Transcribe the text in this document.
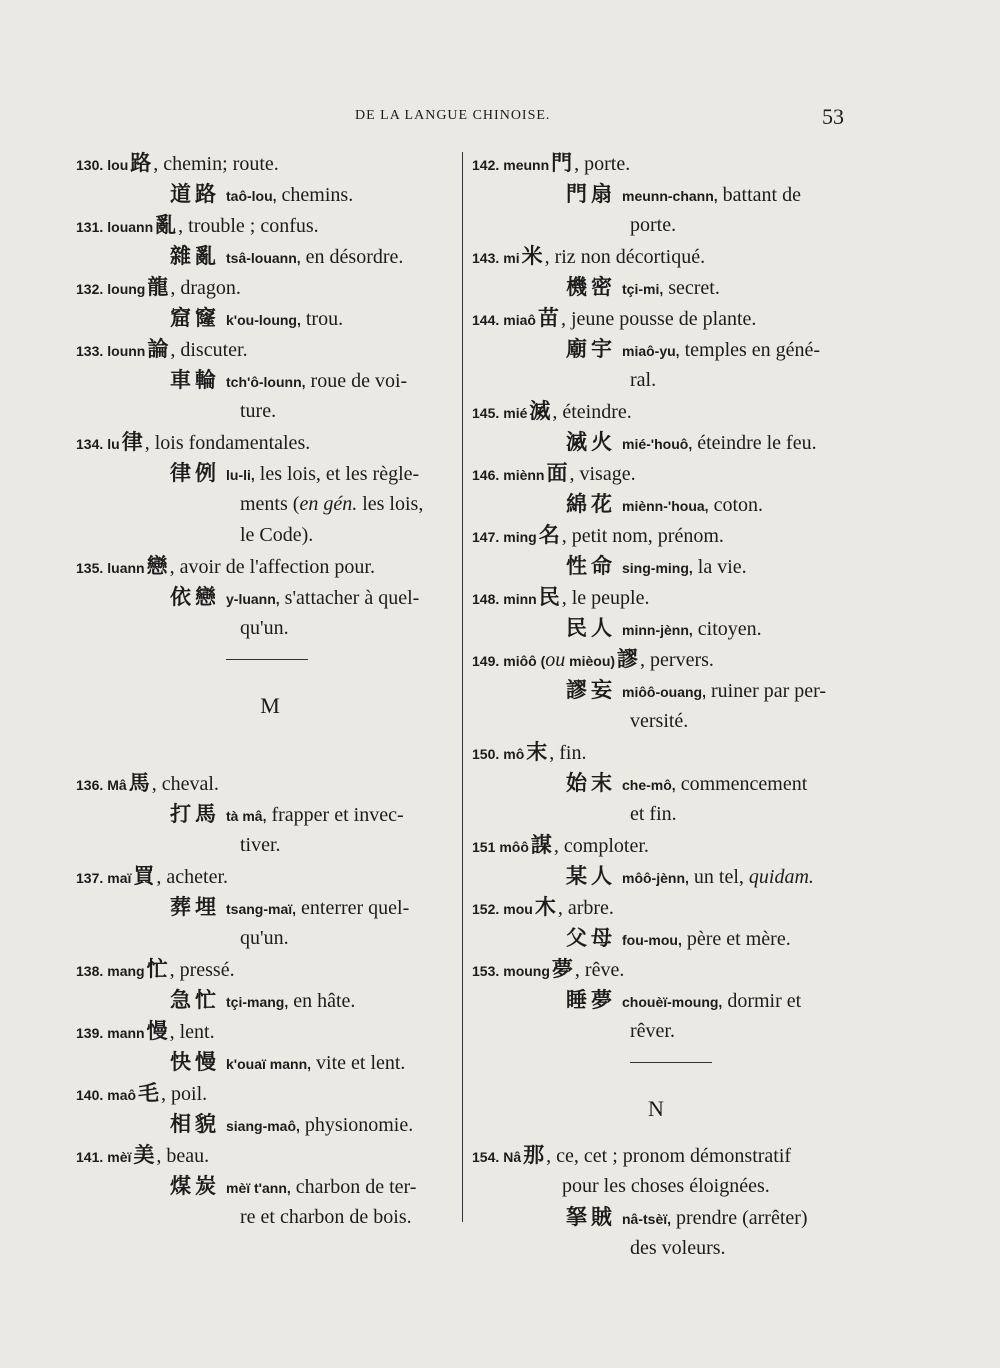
DE LA LANGUE CHINOISE.	53
130. lou路 , chemin; route.
道路 taô-lou, chemins.
131. louann亂 , trouble ; confus.
雜亂 tsâ-louann, en désordre.
132. loung龍 , dragon.
窟窿 k'ou-loung, trou.
133. lounn論 , discuter.
車輪 tch'ô-lounn, roue de voi-
ture.
134. lu律 , lois fondamentales.
律例 lu-li, les lois, et les règle-
ments (en gén. les lois,
le Code).
135. luann戀 , avoir de l'affection pour.
依戀 y-luann, s'attacher à quel-
qu'un.
M
136. Mâ馬 , cheval.
打馬 tà mâ, frapper et invec-
tiver.
137. maï買 , acheter.
葬埋 tsang-maï, enterrer quel-
qu'un.
138. mang忙 , pressé.
急忙 tçi-mang, en hâte.
139. mann慢 , lent.
快慢 k'ouaï mann, vite et lent.
140. maô毛 , poil.
相貌 siang-maô, physionomie.
141. mèï美 , beau.
煤炭 mèï t'ann, charbon de ter-
re et charbon de bois.
142. meunn門 , porte.
門扇 meunn-chann, battant de
porte.
143. mi米 , riz non décortiqué.
機密 tçi-mi, secret.
144. miaô苗 , jeune pousse de plante.
廟宇 miaô-yu, temples en géné-
ral.
145. mié滅 , éteindre.
滅火 mié-'houô, éteindre le feu.
146. miènn面 , visage.
綿花 miènn-'houa, coton.
147. ming名 , petit nom, prénom.
性命 sing-ming, la vie.
148. minn民 , le peuple.
民人 minn-jènn, citoyen.
149. miôô (ou mièou)謬 , pervers.
謬妄 miôô-ouang, ruiner par per-
versité.
150. mô末 , fin.
始末 che-mô, commencement
et fin.
151 môô謀 , comploter.
某人 môô-jènn, un tel, quidam.
152. mou木 , arbre.
父母 fou-mou, père et mère.
153. moung夢 , rêve.
睡夢 chouèï-moung, dormir et
rêver.
N
154. Nâ那 , ce, cet ; pronom démonstratif
pour les choses éloignées.
拏賊 nâ-tsèï, prendre (arrêter)
des voleurs.
